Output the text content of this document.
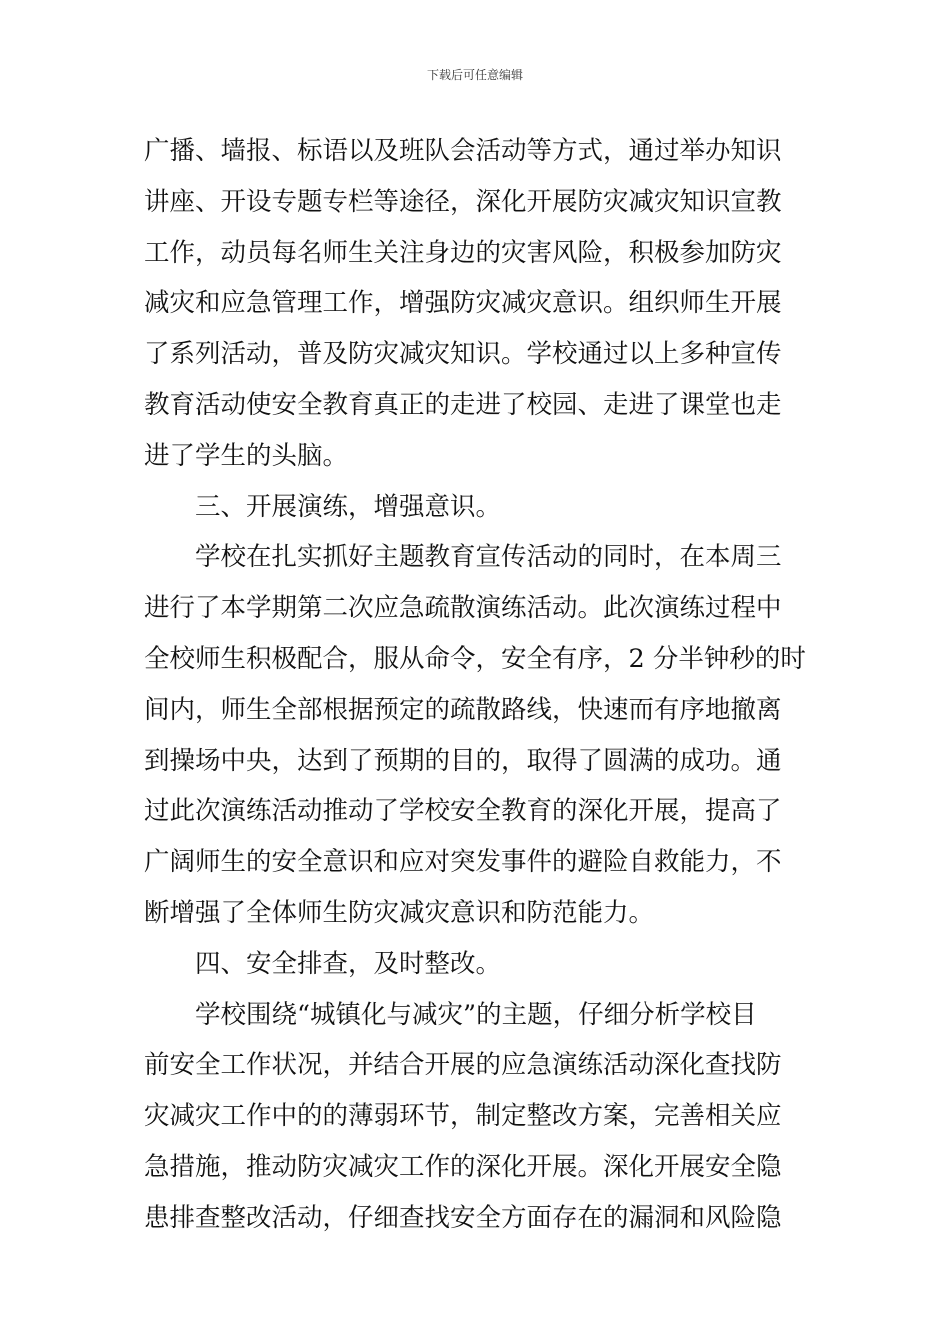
下载后可任意编辑
广播、墙报、标语以及班队会活动等方式，通过举办知识
讲座、开设专题专栏等途径，深化开展防灾减灾知识宣教
工作，动员每名师生关注身边的灾害风险，积极参加防灾
减灾和应急管理工作，增强防灾减灾意识。组织师生开展
了系列活动，普及防灾减灾知识。学校通过以上多种宣传
教育活动使安全教育真正的走进了校园、走进了课堂也走
进了学生的头脑。
三、开展演练，增强意识。
学校在扎实抓好主题教育宣传活动的同时，在本周三
进行了本学期第二次应急疏散演练活动。此次演练过程中
全校师生积极配合，服从命令，安全有序，2 分半钟秒的时
间内，师生全部根据预定的疏散路线，快速而有序地撤离
到操场中央，达到了预期的目的，取得了圆满的成功。通
过此次演练活动推动了学校安全教育的深化开展，提高了
广阔师生的安全意识和应对突发事件的避险自救能力，不
断增强了全体师生防灾减灾意识和防范能力。
四、安全排查，及时整改。
学校围绕“城镇化与减灾”的主题，仔细分析学校目
前安全工作状况，并结合开展的应急演练活动深化查找防
灾减灾工作中的的薄弱环节，制定整改方案，完善相关应
急措施，推动防灾减灾工作的深化开展。深化开展安全隐
患排查整改活动，仔细查找安全方面存在的漏洞和风险隐
